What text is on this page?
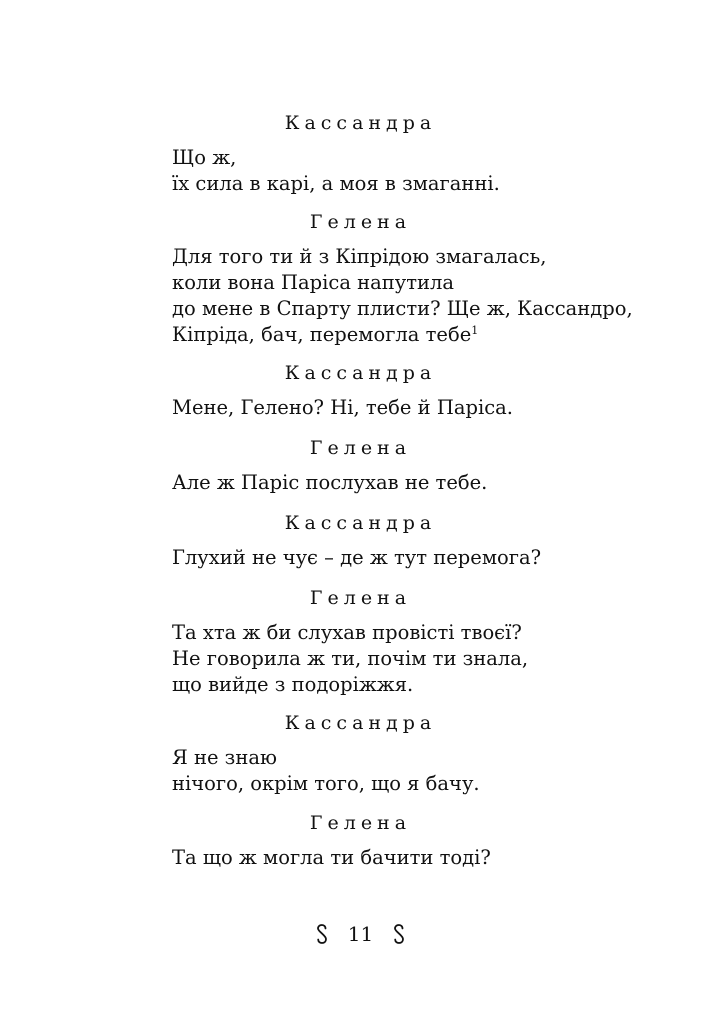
Кассандра
Що ж,
їх сила в карі, а моя в змаганні.
Гелена
Для того ти й з Кіпрідою змагалась,
коли вона Паріса напутила
до мене в Спарту плисти? Ще ж, Кассандро,
Кіпріда, бач, перемогла тебе$^1$
Кассандра
Мене, Гелено? Ні, тебе й Паріса.
Гелена
Але ж Паріс послухав не тебе.
Кассандра
Глухий не чує – де ж тут перемога?
Гелена
Та хта ж би слухав провісті твоєї?
Не говорила ж ти, почім ти знала,
що вийде з подоріжжя.
Кассандра
Я не знаю
нічого, окрім того, що я бачу.
Гелена
Та що ж могла ти бачити тоді?
11
